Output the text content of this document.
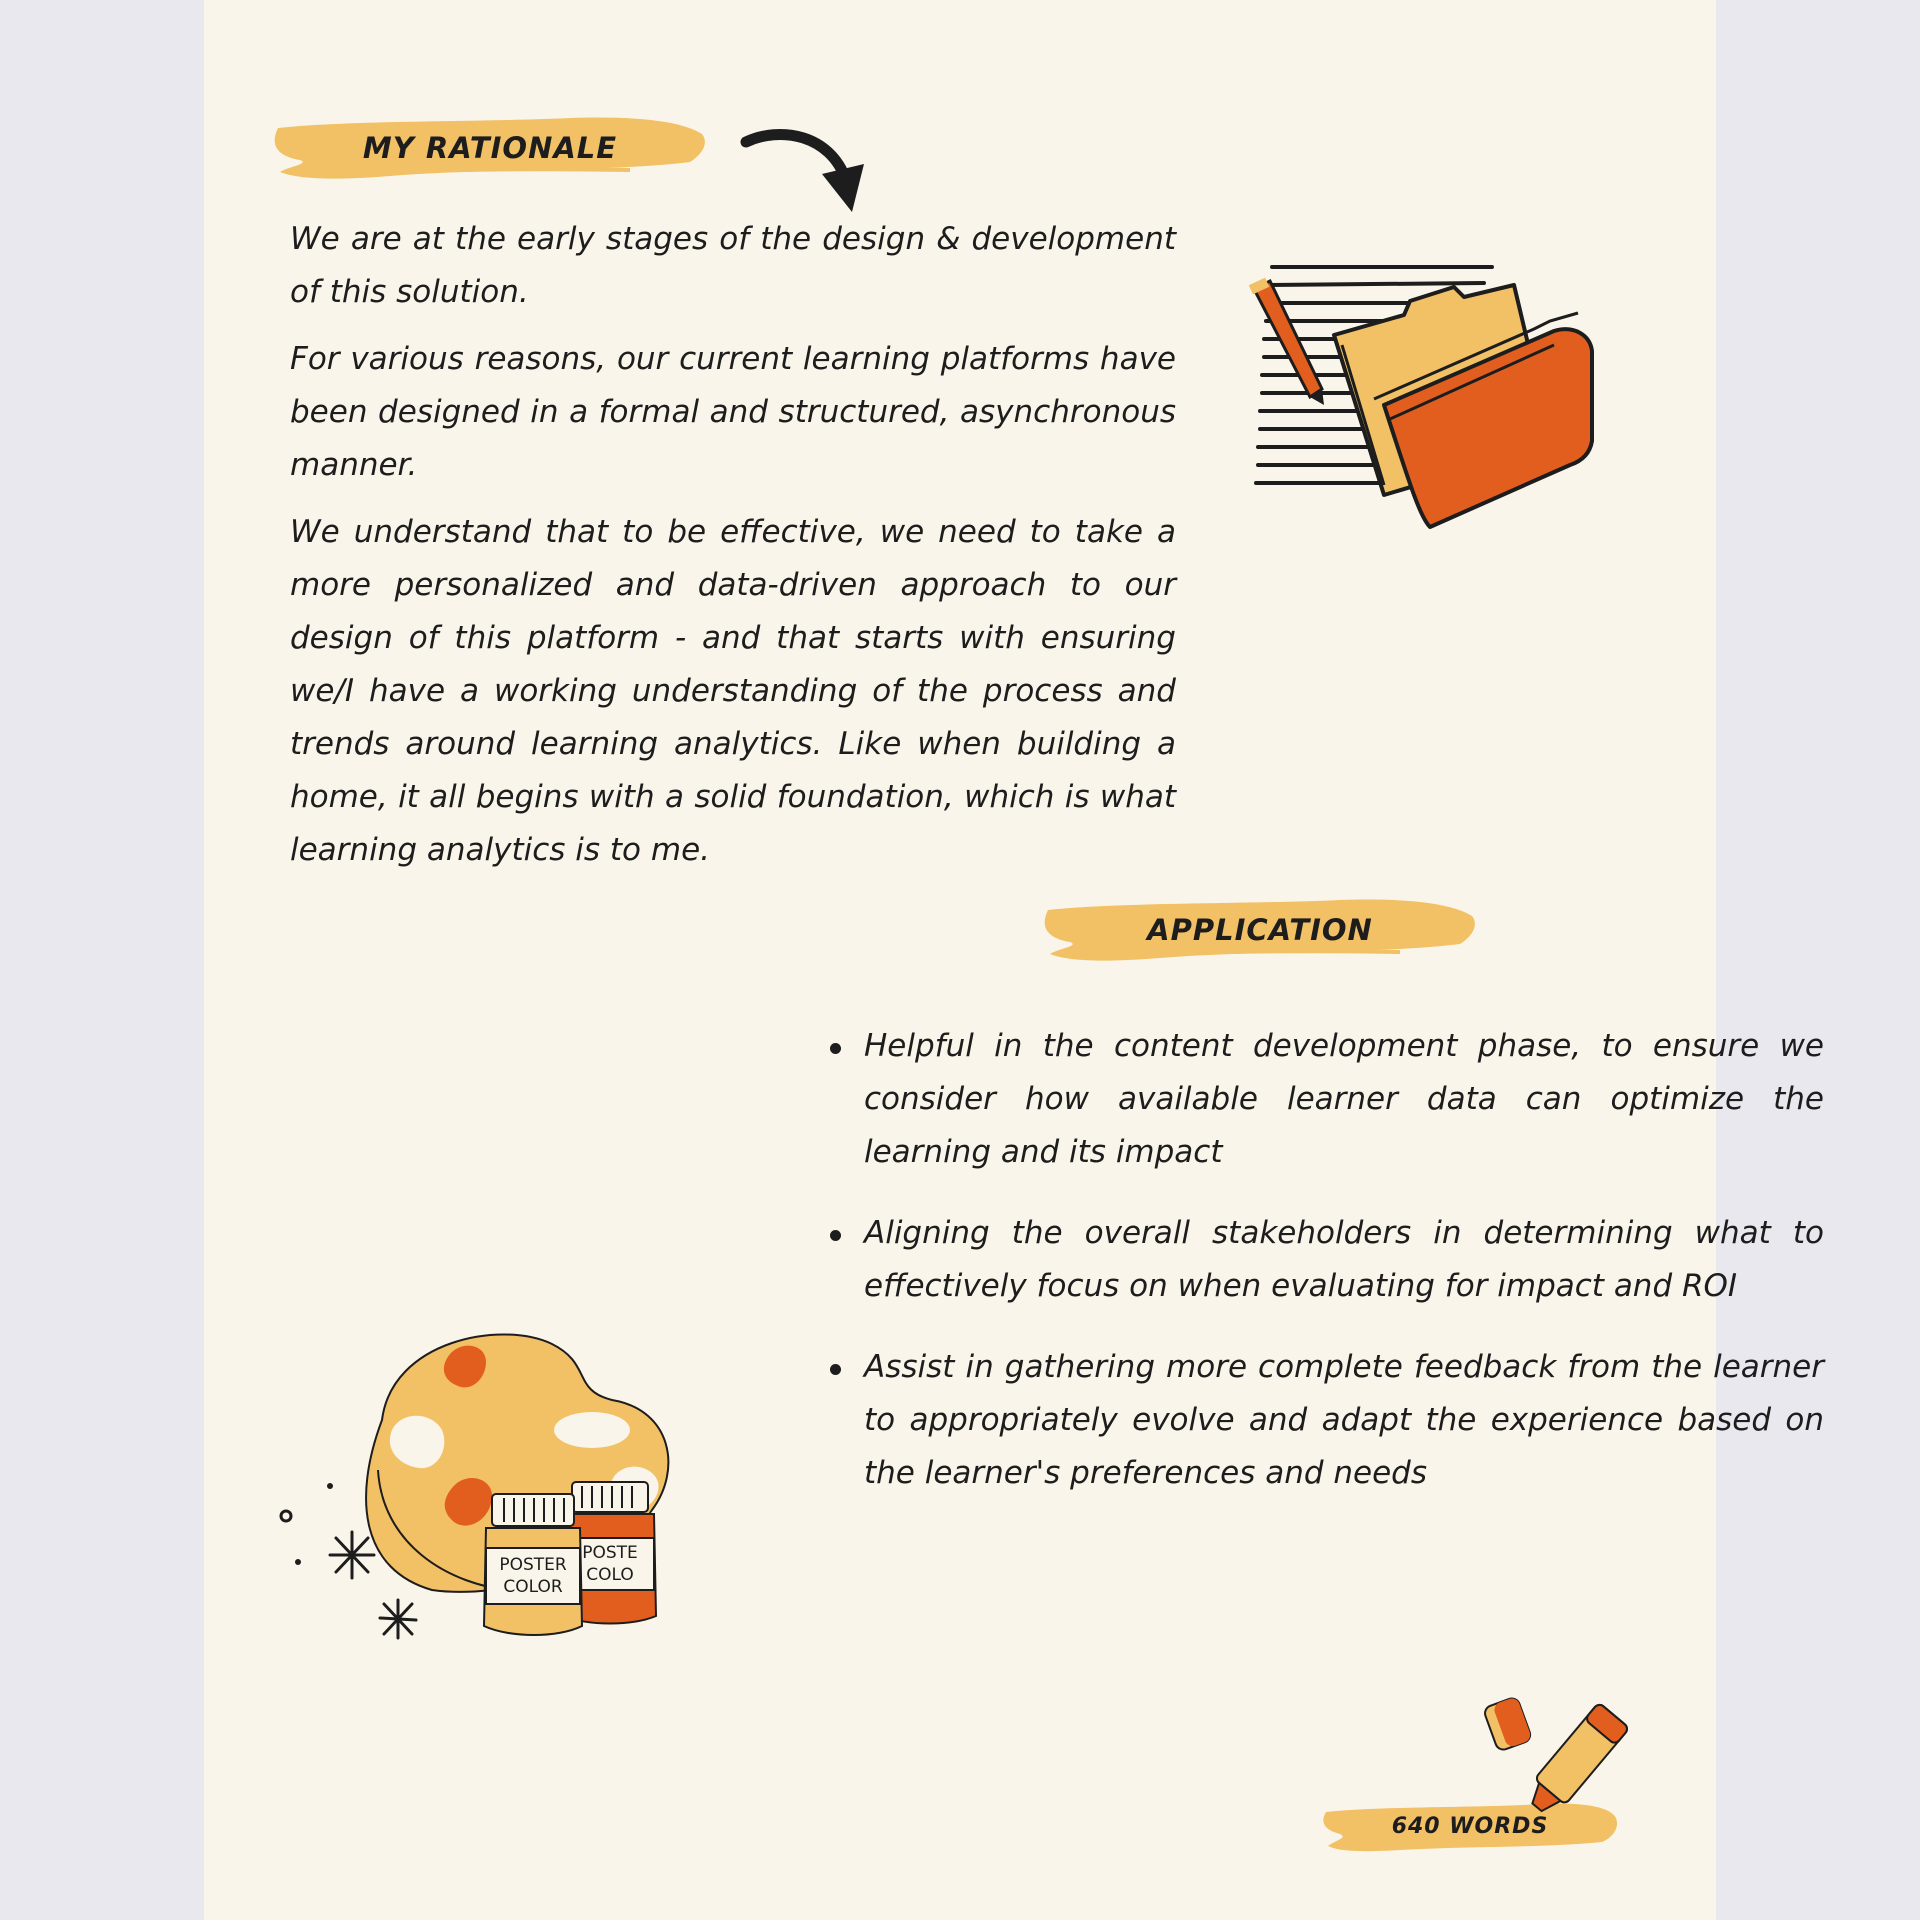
MY RATIONALE

We are at the early stages of the design & development of this solution.

For various reasons, our current learning platforms have been designed in a formal and structured, asynchronous manner.

We understand that to be effective, we need to take a more personalized and data-driven approach to our design of this platform - and that starts with ensuring we/I have a working understanding of the process and trends around learning analytics. Like when building a home, it all begins with a solid foundation, which is what learning analytics is to me.

APPLICATION
Helpful in the content development phase, to ensure we consider how available learner data can optimize the learning and its impact
Aligning the overall stakeholders in determining what to effectively focus on when evaluating for impact and ROI
Assist in gathering more complete feedback from the learner to appropriately evolve and adapt the experience based on the learner's preferences and needs
POSTE
COLO
POSTER
COLOR
640 WORDS
